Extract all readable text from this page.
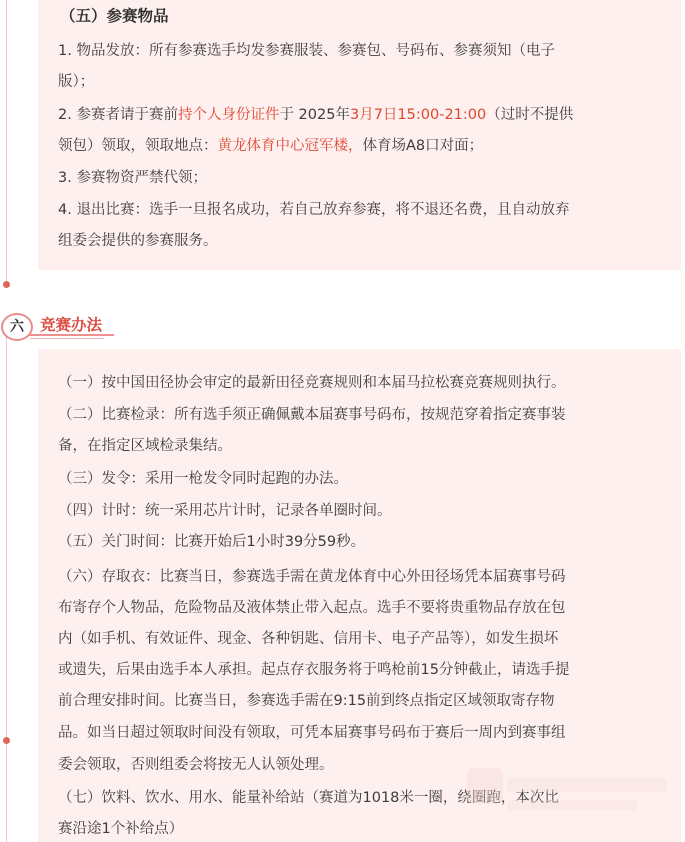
（五）参赛物品
1. 物品发放：所有参赛选手均发参赛服装、参赛包、号码布、参赛须知（电子
版）；
2. 参赛者请于赛前持个人身份证件于 2025年3月7日15:00-21:00（过时不提供
领包）领取，领取地点：黄龙体育中心冠军楼，体育场A8口对面；
3. 参赛物资严禁代领；
4. 退出比赛：选手一旦报名成功，若自己放弃参赛，将不退还名费，且自动放弃
组委会提供的参赛服务。
六	竞赛办法
（一）按中国田径协会审定的最新田径竞赛规则和本届马拉松赛竞赛规则执行。
（二）比赛检录：所有选手须正确佩戴本届赛事号码布，按规范穿着指定赛事装
备，在指定区域检录集结。
（三）发令：采用一枪发令同时起跑的办法。
（四）计时：统一采用芯片计时，记录各单圈时间。
（五）关门时间：比赛开始后1小时39分59秒。
（六）存取衣：比赛当日，参赛选手需在黄龙体育中心外田径场凭本届赛事号码
布寄存个人物品，危险物品及液体禁止带入起点。选手不要将贵重物品存放在包
内（如手机、有效证件、现金、各种钥匙、信用卡、电子产品等），如发生损坏
或遗失，后果由选手本人承担。起点存衣服务将于鸣枪前15分钟截止，请选手提
前合理安排时间。比赛当日，参赛选手需在9:15前到终点指定区域领取寄存物
品。如当日超过领取时间没有领取，可凭本届赛事号码布于赛后一周内到赛事组
委会领取，否则组委会将按无人认领处理。
（七）饮料、饮水、用水、能量补给站（赛道为1018米一圈，绕圈跑，本次比
赛沿途1个补给点）
